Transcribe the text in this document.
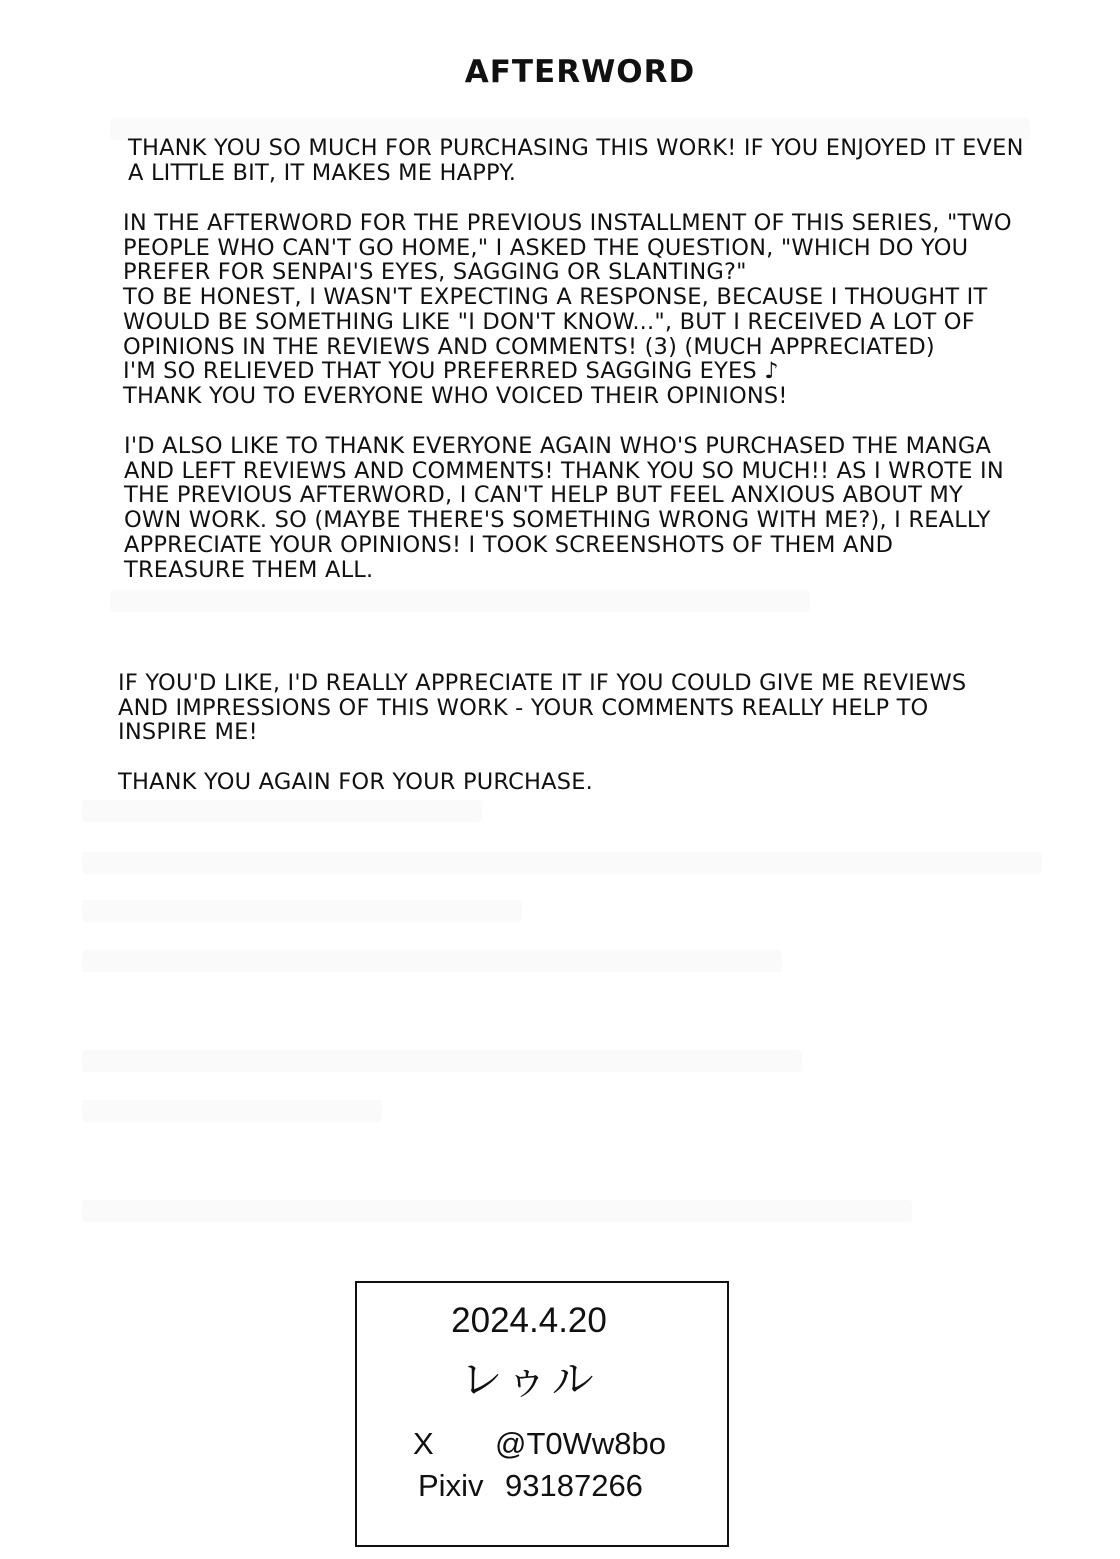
AFTERWORD
THANK YOU SO MUCH FOR PURCHASING THIS WORK! IF YOU ENJOYED IT EVEN
A LITTLE BIT, IT MAKES ME HAPPY.
IN THE AFTERWORD FOR THE PREVIOUS INSTALLMENT OF THIS SERIES, "TWO
PEOPLE WHO CAN'T GO HOME," I ASKED THE QUESTION, "WHICH DO YOU
PREFER FOR SENPAI'S EYES, SAGGING OR SLANTING?"
TO BE HONEST, I WASN'T EXPECTING A RESPONSE, BECAUSE I THOUGHT IT
WOULD BE SOMETHING LIKE "I DON'T KNOW...", BUT I RECEIVED A LOT OF
OPINIONS IN THE REVIEWS AND COMMENTS! (3) (MUCH APPRECIATED)
I'M SO RELIEVED THAT YOU PREFERRED SAGGING EYES ♪
THANK YOU TO EVERYONE WHO VOICED THEIR OPINIONS!
I'D ALSO LIKE TO THANK EVERYONE AGAIN WHO'S PURCHASED THE MANGA
AND LEFT REVIEWS AND COMMENTS! THANK YOU SO MUCH!! AS I WROTE IN
THE PREVIOUS AFTERWORD, I CAN'T HELP BUT FEEL ANXIOUS ABOUT MY
OWN WORK. SO (MAYBE THERE'S SOMETHING WRONG WITH ME?), I REALLY
APPRECIATE YOUR OPINIONS! I TOOK SCREENSHOTS OF THEM AND
TREASURE THEM ALL.
IF YOU'D LIKE, I'D REALLY APPRECIATE IT IF YOU COULD GIVE ME REVIEWS
AND IMPRESSIONS OF THIS WORK - YOUR COMMENTS REALLY HELP TO
INSPIRE ME!
THANK YOU AGAIN FOR YOUR PURCHASE.
2024.4.20
レゥル
X @T0Ww8bo
Pixiv 93187266
